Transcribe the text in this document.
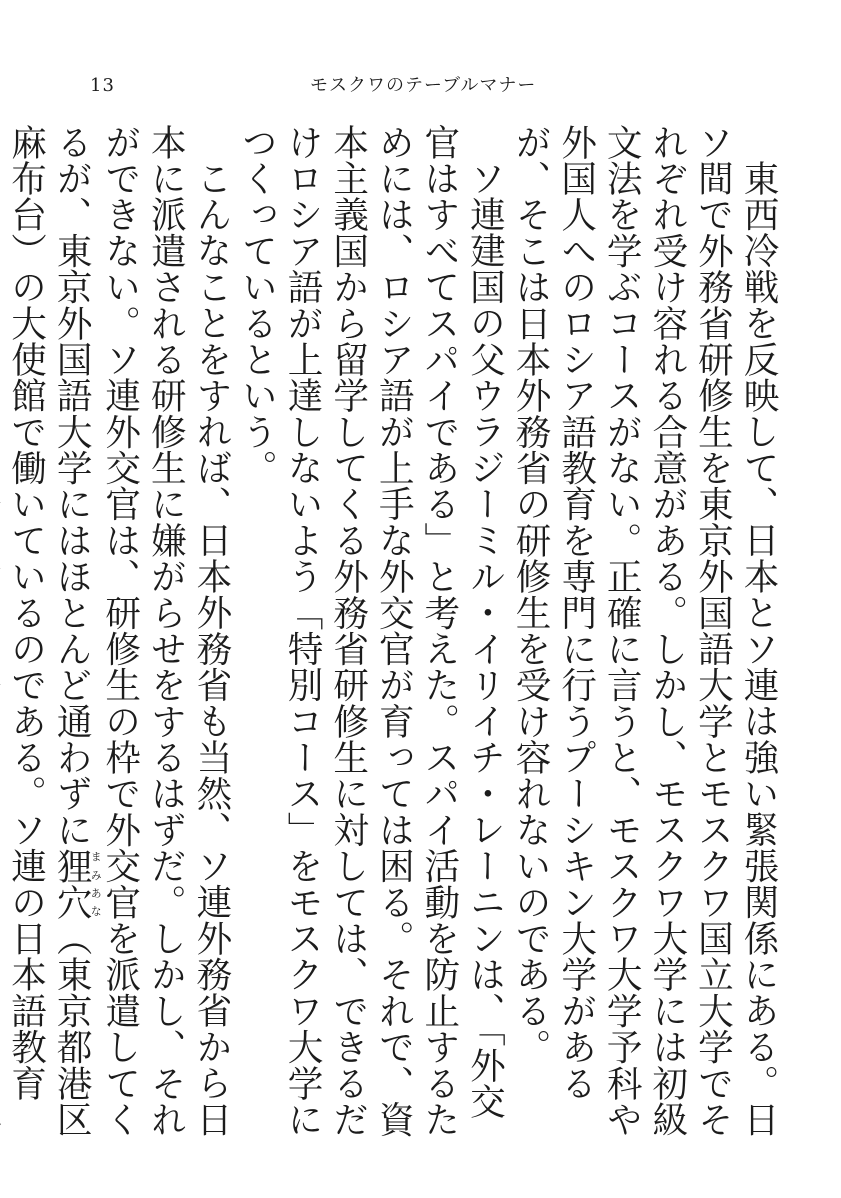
13	モスクワのテーブルマナー

東西冷戦を反映して、日本とソ連は強い緊張関係にある。日ソ間で外務省研修生を東京外国語大学とモスクワ国立大学でそれぞれ受け容れる合意がある。しかし、モスクワ大学には初級文法を学ぶコースがない。正確に言うと、モスクワ大学予科や外国人へのロシア語教育を専門に行うプーシキン大学があるが、そこは日本外務省の研修生を受け容れないのである。

ソ連建国の父ウラジーミル・イリイチ・レーニンは、「外交官はすべてスパイである」と考えた。スパイ活動を防止するためには、ロシア語が上手な外交官が育っては困る。それで、資本主義国から留学してくる外務省研修生に対しては、できるだけロシア語が上達しないよう「特別コース」をモスクワ大学につくっているという。

こんなことをすれば、日本外務省も当然、ソ連外務省から日本に派遣される研修生に嫌がらせをするはずだ。しかし、それができない。ソ連外交官は、研修生の枠で外交官を派遣してくるが、東京外国語大学にはほとんど通わずに狸穴まみあな（東京都港区麻布台）の大使館で働いているのである。ソ連の日本語教育
